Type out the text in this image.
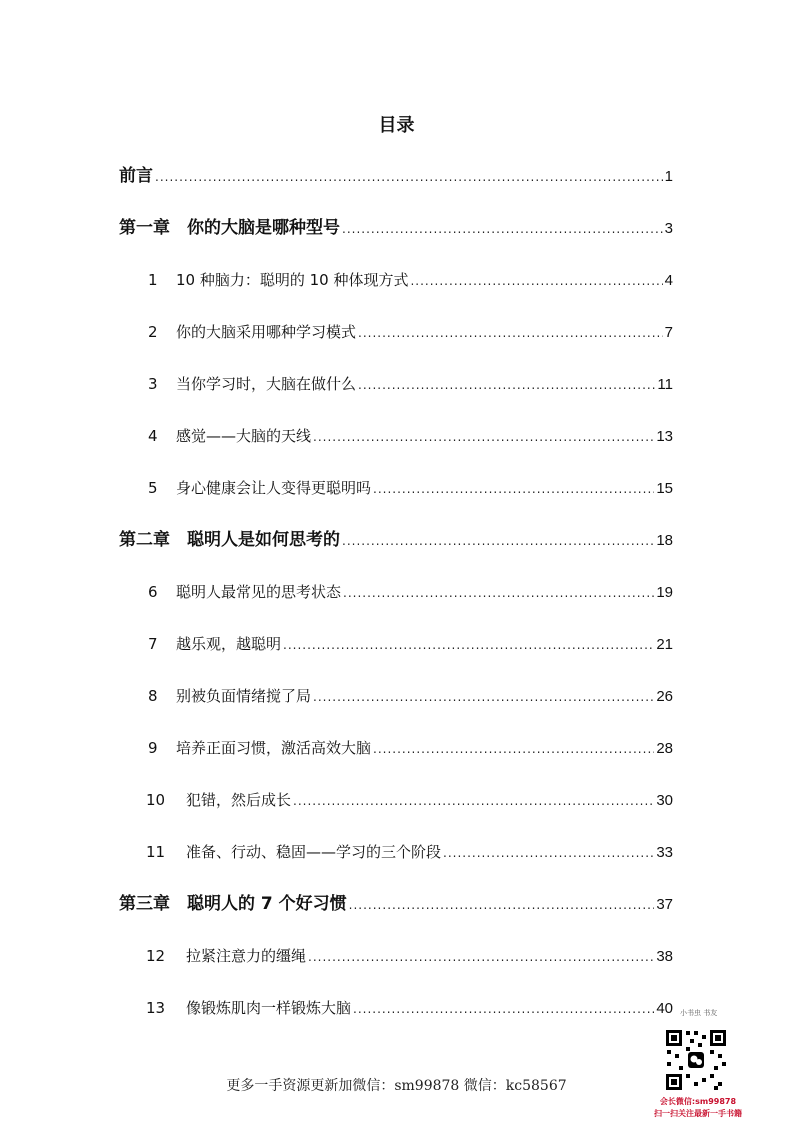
目录
前言 .....	1
第一章　你的大脑是哪种型号 .....	3
1	10 种脑力：聪明的 10 种体现方式 .....	4
2	你的大脑采用哪种学习模式 .....	7
3	当你学习时，大脑在做什么 .....	11
4	感觉——大脑的天线 .....	13
5	身心健康会让人变得更聪明吗 .....	15
第二章　聪明人是如何思考的 .....	18
6	聪明人最常见的思考状态 .....	19
7	越乐观，越聪明 .....	21
8	别被负面情绪搅了局 .....	26
9	培养正面习惯，激活高效大脑 .....	28
10	犯错，然后成长 .....	30
11	准备、行动、稳固——学习的三个阶段 .....	33
第三章　聪明人的 7 个好习惯 .....	37
12	拉紧注意力的缰绳 .....	38
13	像锻炼肌肉一样锻炼大脑 .....	40
更多一手资源更新加微信：sm99878 微信：kc58567
小书虫 书友
会长微信:sm99878
扫一扫关注最新一手书籍
